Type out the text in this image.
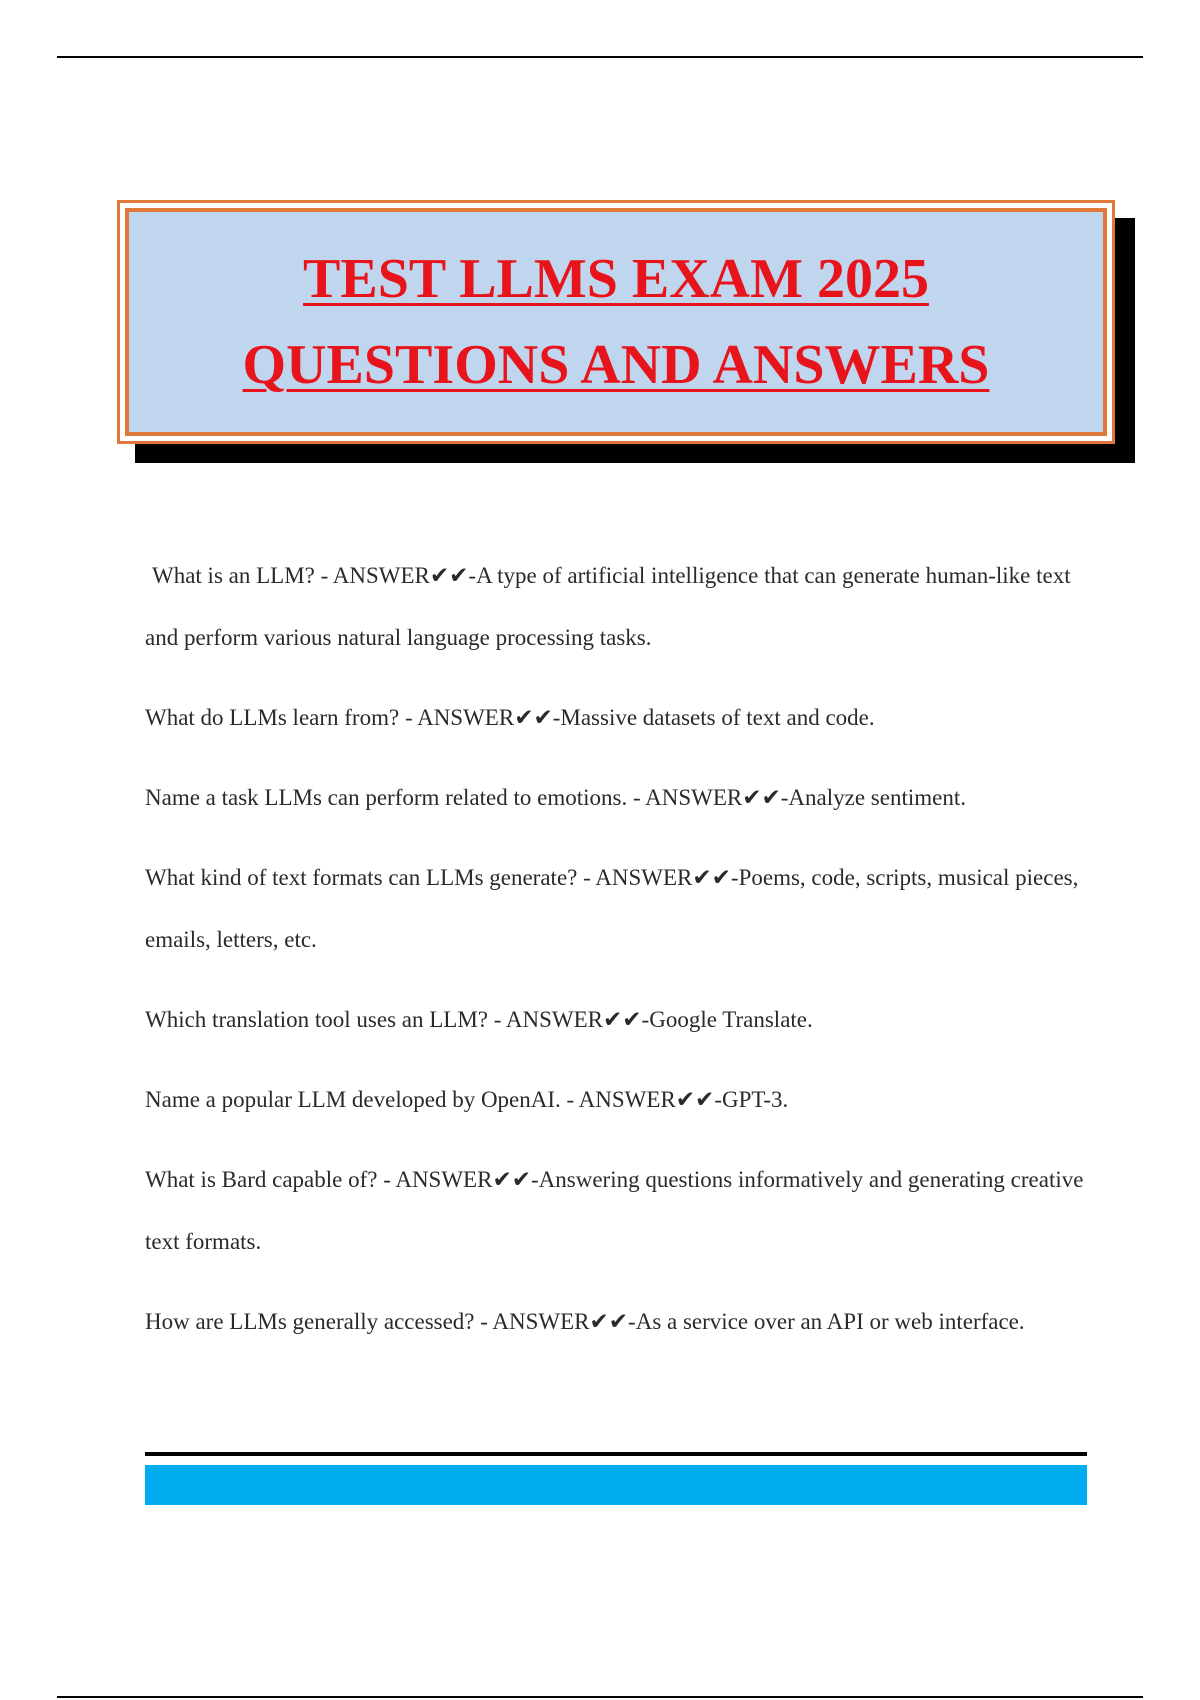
TEST LLMS EXAM 2025
QUESTIONS AND ANSWERS

What is an LLM? - ANSWER✔✔-A type of artificial intelligence that can generate human-like text and perform various natural language processing tasks.

What do LLMs learn from? - ANSWER✔✔-Massive datasets of text and code.

Name a task LLMs can perform related to emotions. - ANSWER✔✔-Analyze sentiment.

What kind of text formats can LLMs generate? - ANSWER✔✔-Poems, code, scripts, musical pieces, emails, letters, etc.

Which translation tool uses an LLM? - ANSWER✔✔-Google Translate.

Name a popular LLM developed by OpenAI. - ANSWER✔✔-GPT-3.

What is Bard capable of? - ANSWER✔✔-Answering questions informatively and generating creative text formats.

How are LLMs generally accessed? - ANSWER✔✔-As a service over an API or web interface.
